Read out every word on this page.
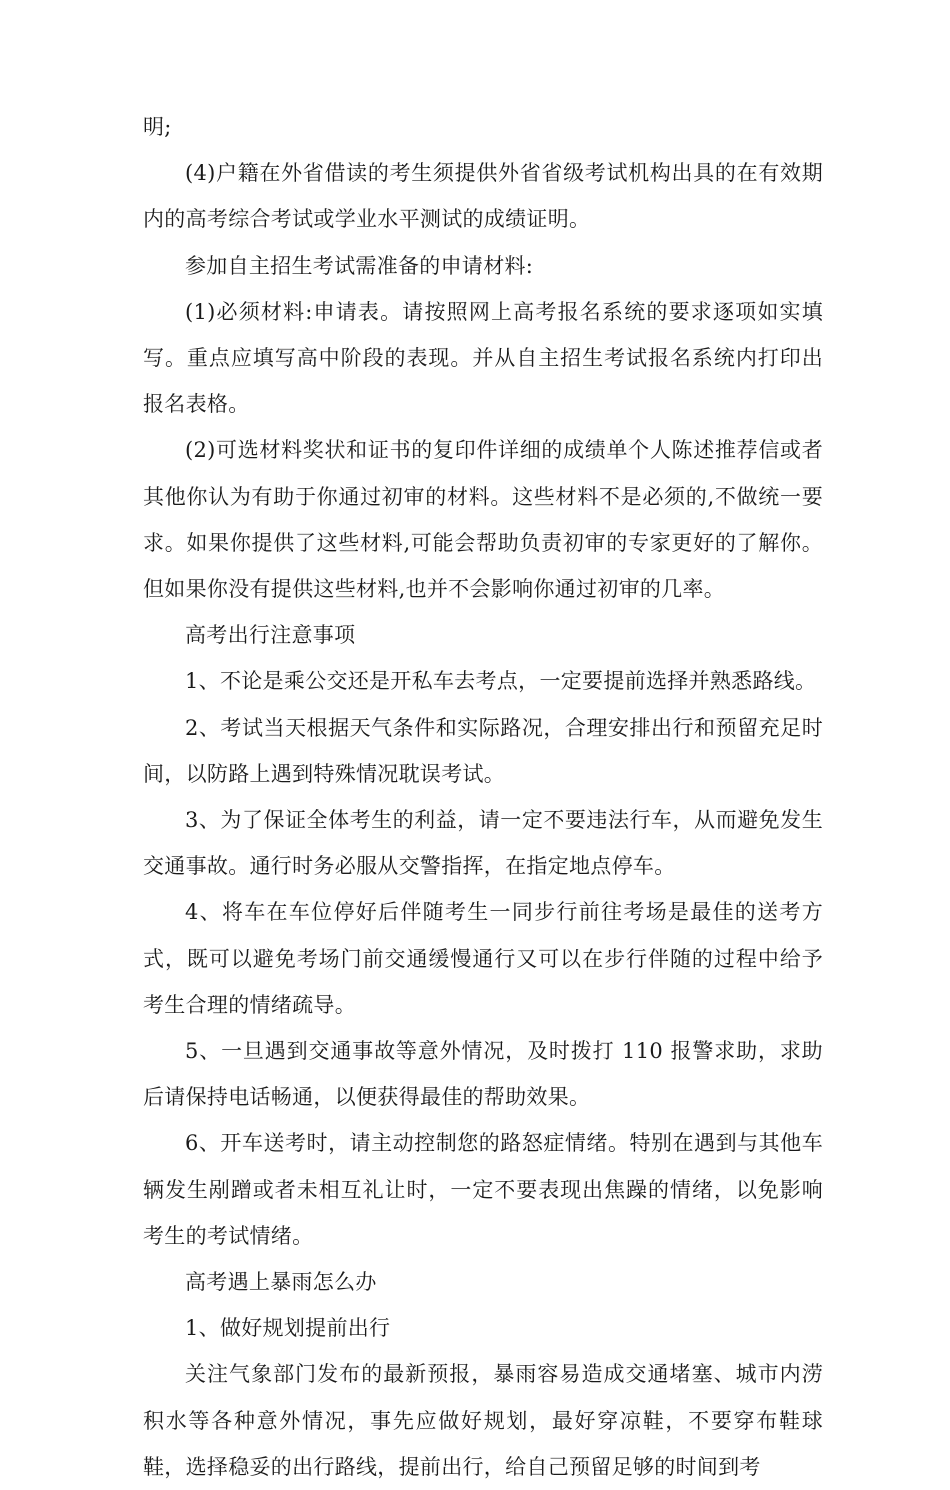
明;

(4)户籍在外省借读的考生须提供外省省级考试机构出具的在有效期内的高考综合考试或学业水平测试的成绩证明。

参加自主招生考试需准备的申请材料:

(1)必须材料:申请表。请按照网上高考报名系统的要求逐项如实填写。重点应填写高中阶段的表现。并从自主招生考试报名系统内打印出报名表格。

(2)可选材料奖状和证书的复印件详细的成绩单个人陈述推荐信或者其他你认为有助于你通过初审的材料。这些材料不是必须的,不做统一要求。如果你提供了这些材料,可能会帮助负责初审的专家更好的了解你。但如果你没有提供这些材料,也并不会影响你通过初审的几率。

高考出行注意事项

1、不论是乘公交还是开私车去考点，一定要提前选择并熟悉路线。

2、考试当天根据天气条件和实际路况，合理安排出行和预留充足时间，以防路上遇到特殊情况耽误考试。

3、为了保证全体考生的利益，请一定不要违法行车，从而避免发生交通事故。通行时务必服从交警指挥，在指定地点停车。

4、将车在车位停好后伴随考生一同步行前往考场是最佳的送考方式，既可以避免考场门前交通缓慢通行又可以在步行伴随的过程中给予考生合理的情绪疏导。

5、一旦遇到交通事故等意外情况，及时拨打 110 报警求助，求助后请保持电话畅通，以便获得最佳的帮助效果。

6、开车送考时，请主动控制您的路怒症情绪。特别在遇到与其他车辆发生剐蹭或者未相互礼让时，一定不要表现出焦躁的情绪，以免影响考生的考试情绪。

高考遇上暴雨怎么办

1、做好规划提前出行

关注气象部门发布的最新预报，暴雨容易造成交通堵塞、城市内涝积水等各种意外情况，事先应做好规划，最好穿凉鞋，不要穿布鞋球鞋，选择稳妥的出行路线，提前出行，给自己预留足够的时间到考
